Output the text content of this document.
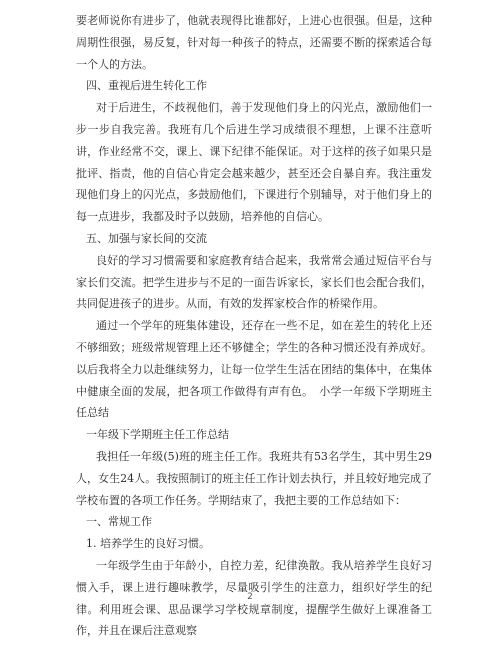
要老师说你有进步了，他就表现得比谁都好，上进心也很强。但是，这种周期性很强，易反复，针对每一种孩子的特点，还需要不断的探索适合每一个人的方法。

四、重视后进生转化工作

对于后进生，不歧视他们，善于发现他们身上的闪光点，激励他们一步一步自我完善。我班有几个后进生学习成绩很不理想，上课不注意听讲，作业经常不交，课上、课下纪律不能保证。对于这样的孩子如果只是批评、指责，他的自信心肯定会越来越少，甚至还会自暴自弃。我注重发现他们身上的闪光点，多鼓励他们，下课进行个别辅导，对于他们身上的每一点进步，我都及时予以鼓励，培养他的自信心。

五、加强与家长间的交流

良好的学习习惯需要和家庭教育结合起来，我常常会通过短信平台与家长们交流。把学生进步与不足的一面告诉家长，家长们也会配合我们，共同促进孩子的进步。从而，有效的发挥家校合作的桥梁作用。

通过一个学年的班集体建设，还存在一些不足，如在差生的转化上还不够细致；班级常规管理上还不够健全；学生的各种习惯还没有养成好。以后我将全力以赴继续努力，让每一位学生生活在团结的集体中，在集体中健康全面的发展，把各项工作做得有声有色。　小学一年级下学期班主任总结

一年级下学期班主任工作总结

我担任一年级(5)班的班主任工作。我班共有53名学生，其中男生29人，女生24人。我按照制订的班主任工作计划去执行，并且较好地完成了学校布置的各项工作任务。学期结束了，我把主要的工作总结如下：

一、常规工作

1. 培养学生的良好习惯。

一年级学生由于年龄小，自控力差，纪律涣散。我从培养学生良好习惯入手，课上进行趣味教学，尽量吸引学生的注意力，组织好学生的纪律。利用班会课、思品课学习学校规章制度，提醒学生做好上课准备工作，并且在课后注意观察

2
